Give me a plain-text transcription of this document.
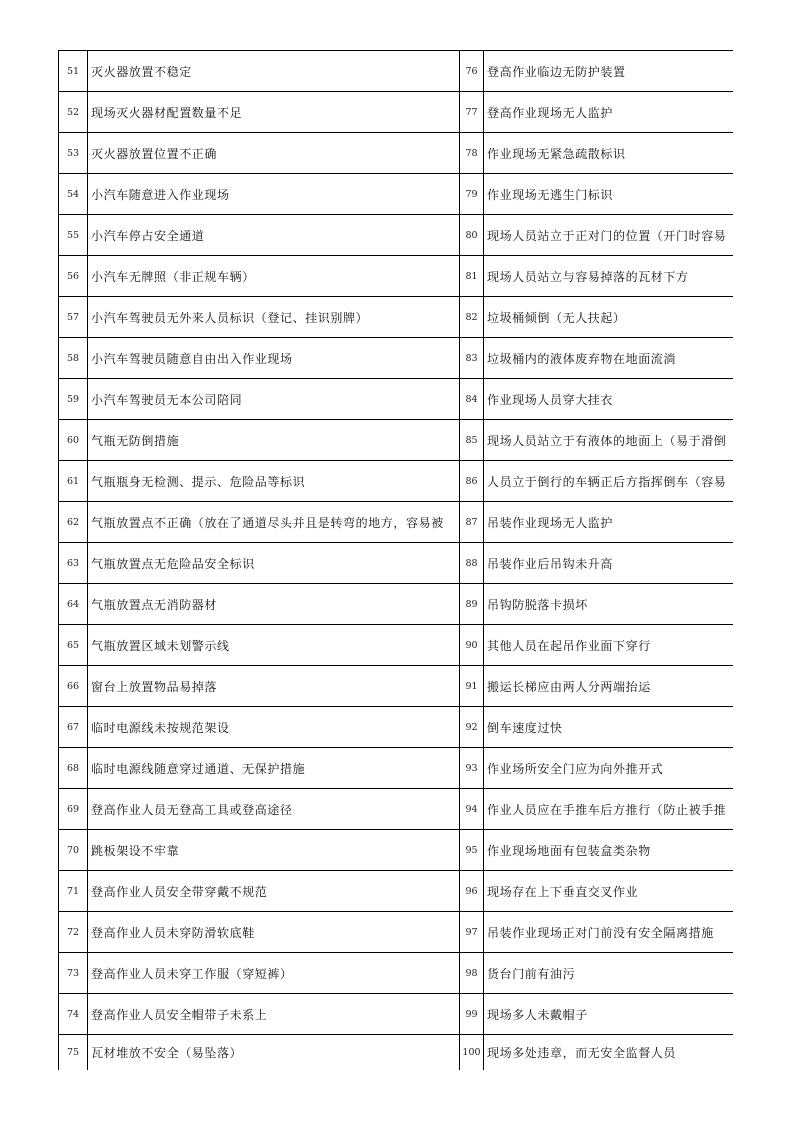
51	灭火器放置不稳定	76	登高作业临边无防护装置

52	现场灭火器材配置数量不足	77	登高作业现场无人监护

53	灭火器放置位置不正确	78	作业现场无紧急疏散标识

54	小汽车随意进入作业现场	79	作业现场无逃生门标识

55	小汽车停占安全通道	80	现场人员站立于正对门的位置（开门时容易

56	小汽车无牌照（非正规车辆）	81	现场人员站立与容易掉落的瓦材下方

57	小汽车驾驶员无外来人员标识（登记、挂识别牌）	82	垃圾桶倾倒（无人扶起）

58	小汽车驾驶员随意自由出入作业现场	83	垃圾桶内的液体废弃物在地面流淌

59	小汽车驾驶员无本公司陪同	84	作业现场人员穿大挂衣

60	气瓶无防倒措施	85	现场人员站立于有液体的地面上（易于滑倒

61	气瓶瓶身无检测、提示、危险品等标识	86	人员立于倒行的车辆正后方指挥倒车（容易

62	气瓶放置点不正确（放在了通道尽头并且是转弯的地方，容易被	87	吊装作业现场无人监护

63	气瓶放置点无危险品安全标识	88	吊装作业后吊钩未升高

64	气瓶放置点无消防器材	89	吊钩防脱落卡损坏

65	气瓶放置区域未划警示线	90	其他人员在起吊作业面下穿行

66	窗台上放置物品易掉落	91	搬运长梯应由两人分两端抬运

67	临时电源线未按规范架设	92	倒车速度过快

68	临时电源线随意穿过通道、无保护措施	93	作业场所安全门应为向外推开式

69	登高作业人员无登高工具或登高途径	94	作业人员应在手推车后方推行（防止被手推

70	跳板架设不牢靠	95	作业现场地面有包装盒类杂物

71	登高作业人员安全带穿戴不规范	96	现场存在上下垂直交叉作业

72	登高作业人员未穿防滑软底鞋	97	吊装作业现场正对门前没有安全隔离措施

73	登高作业人员未穿工作服（穿短裤）	98	货台门前有油污

74	登高作业人员安全帽带子未系上	99	现场多人未戴帽子

75	瓦材堆放不安全（易坠落）	100	现场多处违章，而无安全监督人员
